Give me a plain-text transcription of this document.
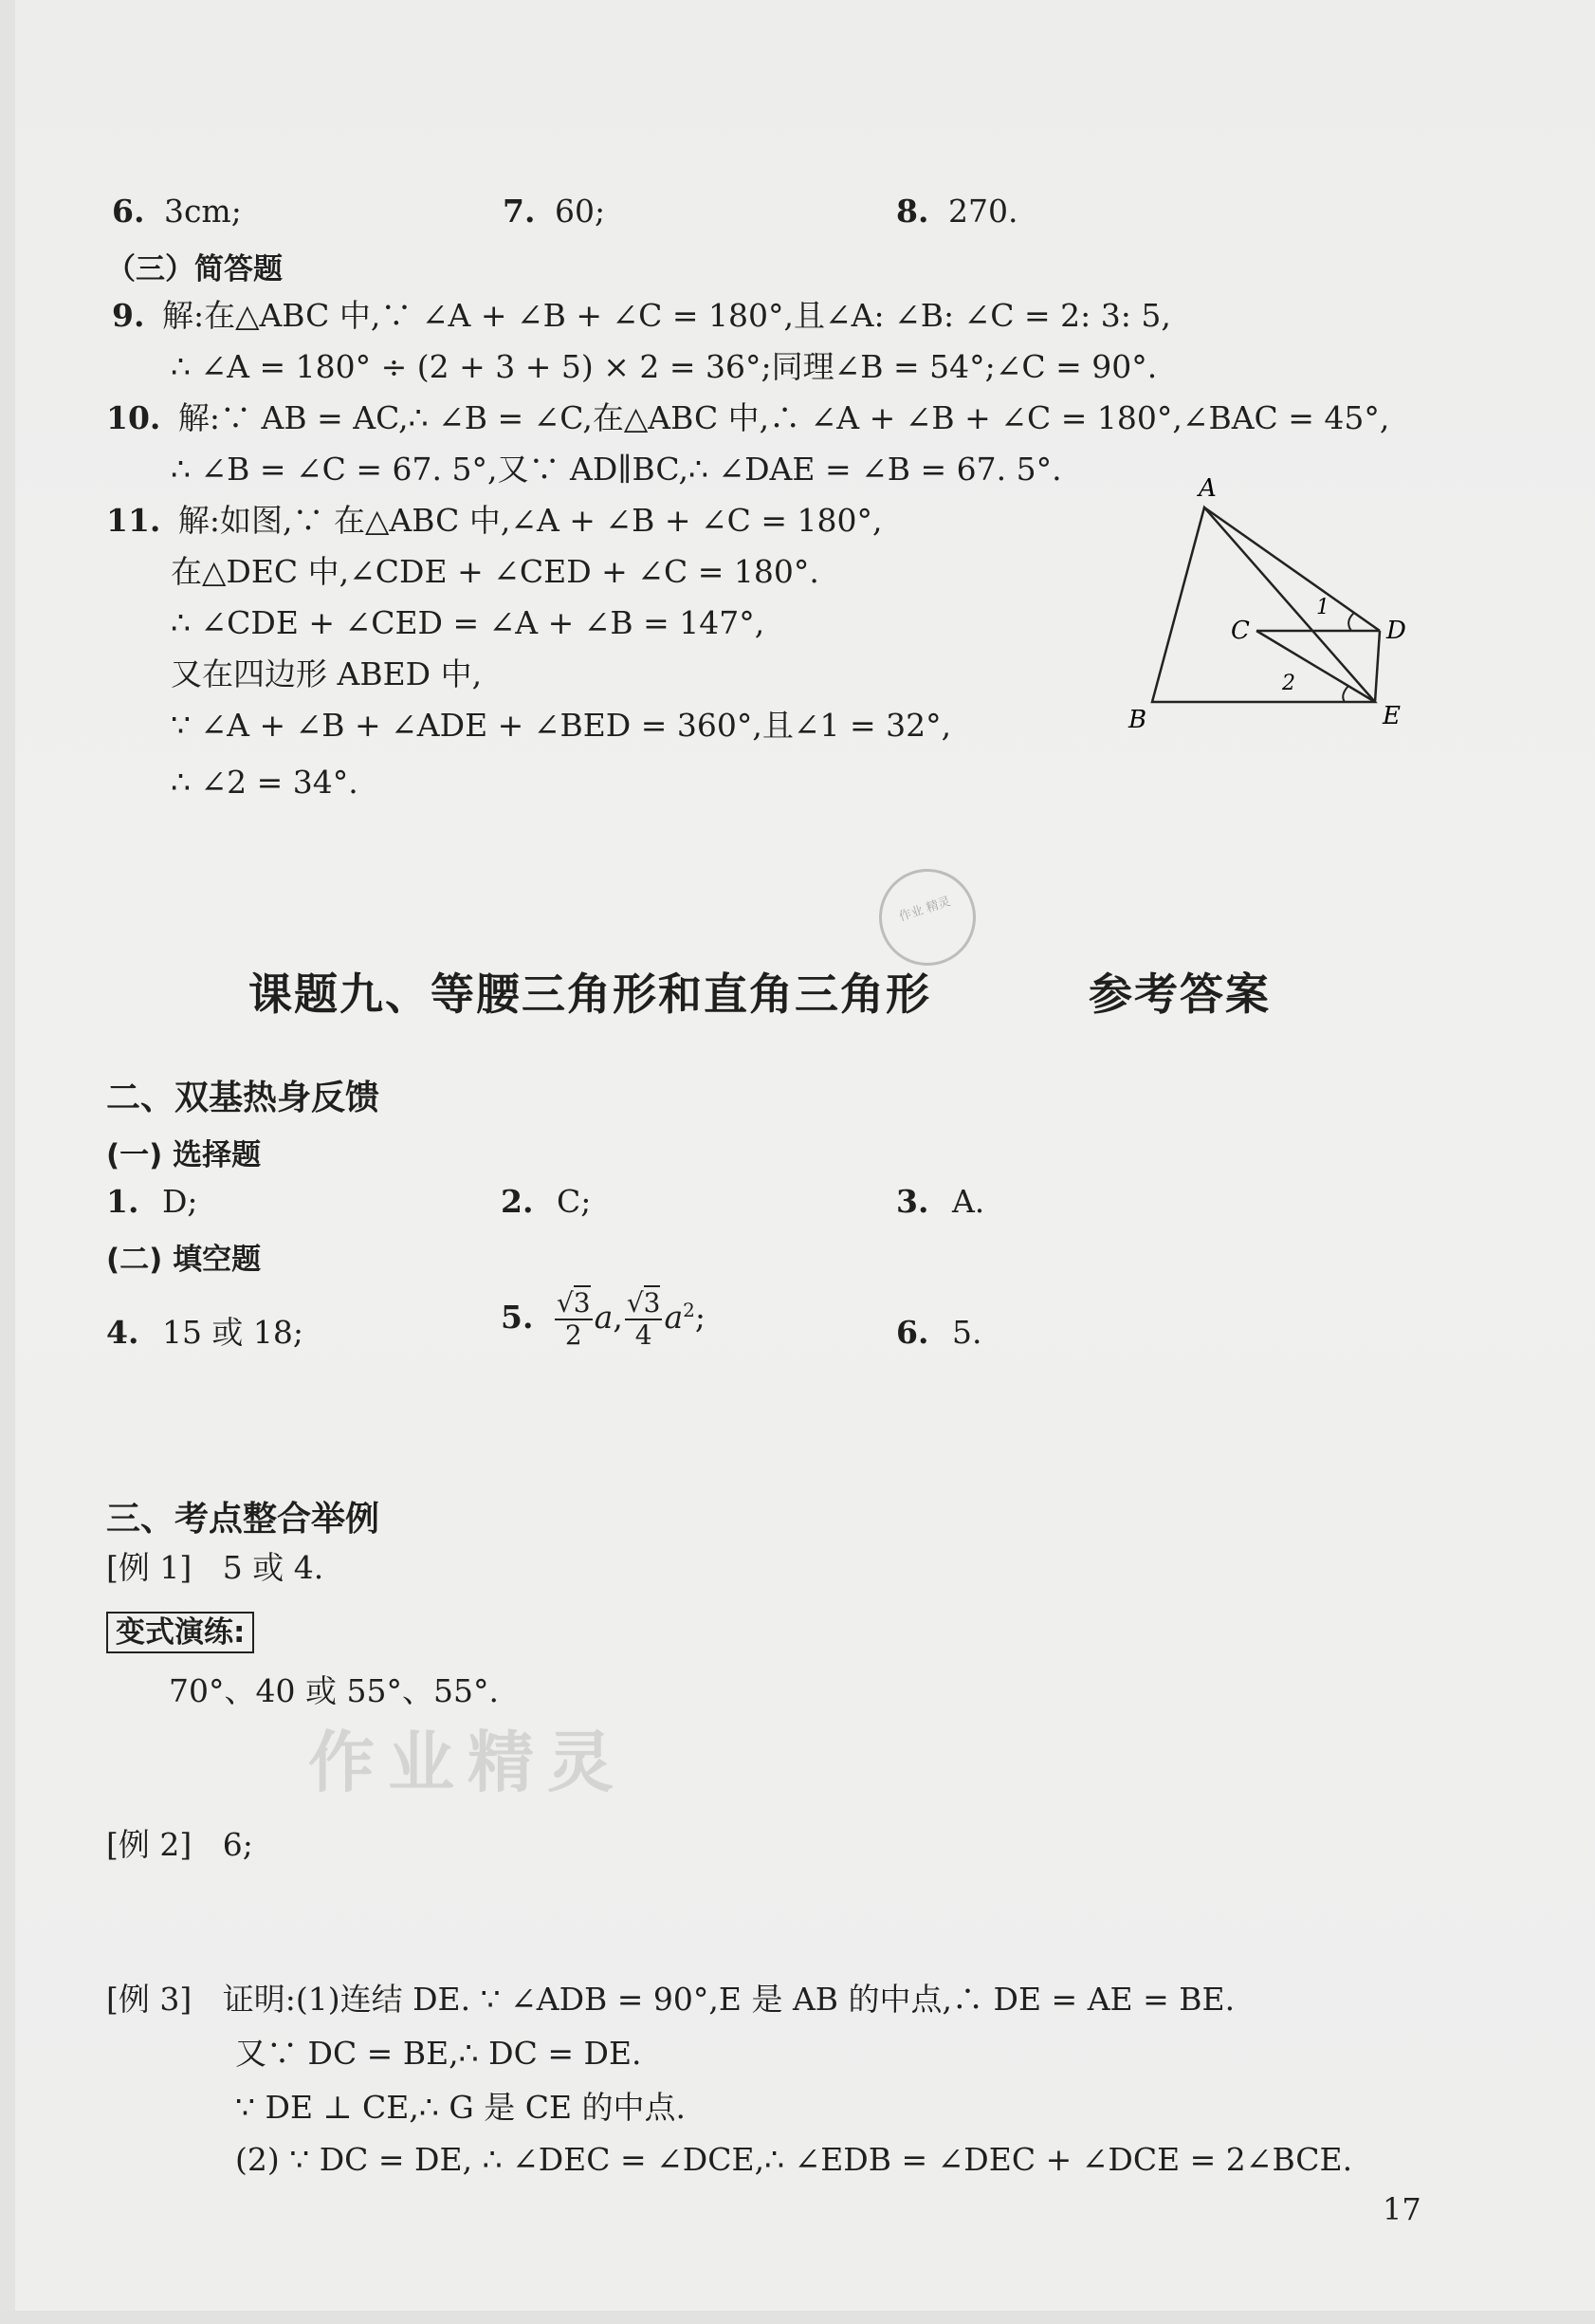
6. 3cm;	7. 60;	8. 270.
（三）简答题
9. 解:在△ABC 中,∵ ∠A + ∠B + ∠C = 180°,且∠A: ∠B: ∠C = 2: 3: 5,
∴ ∠A = 180° ÷ (2 + 3 + 5) × 2 = 36°;同理∠B = 54°;∠C = 90°.
10. 解:∵ AB = AC,∴ ∠B = ∠C,在△ABC 中,∴ ∠A + ∠B + ∠C = 180°,∠BAC = 45°,
∴ ∠B = ∠C = 67. 5°,又∵ AD∥BC,∴ ∠DAE = ∠B = 67. 5°.
11. 解:如图,∵ 在△ABC 中,∠A + ∠B + ∠C = 180°,
在△DEC 中,∠CDE + ∠CED + ∠C = 180°.
∴ ∠CDE + ∠CED = ∠A + ∠B = 147°,
又在四边形 ABED 中,
∵ ∠A + ∠B + ∠ADE + ∠BED = 360°,且∠1 = 32°,
∴ ∠2 = 34°.
A
B
C	D
E
1
2
作业 精灵
课题九、等腰三角形和直角三角形	参考答案
二、双基热身反馈
(一) 选择题
1. D;	2. C;	3. A.
(二) 填空题
4. 15 或 18;	5. $\frac{√3}{2} a$, $\frac{√3}{4} a^2$;	6. 5.
三、考点整合举例
[例 1] 5 或 4.
变式演练:
70°、40 或 55°、55°.
作业精灵
[例 2] 6;
[例 3] 证明:(1)连结 DE. ∵ ∠ADB = 90°,E 是 AB 的中点,∴ DE = AE = BE.
又∵ DC = BE,∴ DC = DE.
∵ DE ⊥ CE,∴ G 是 CE 的中点.
(2) ∵ DC = DE, ∴ ∠DEC = ∠DCE,∴ ∠EDB = ∠DEC + ∠DCE = 2∠BCE.
17
